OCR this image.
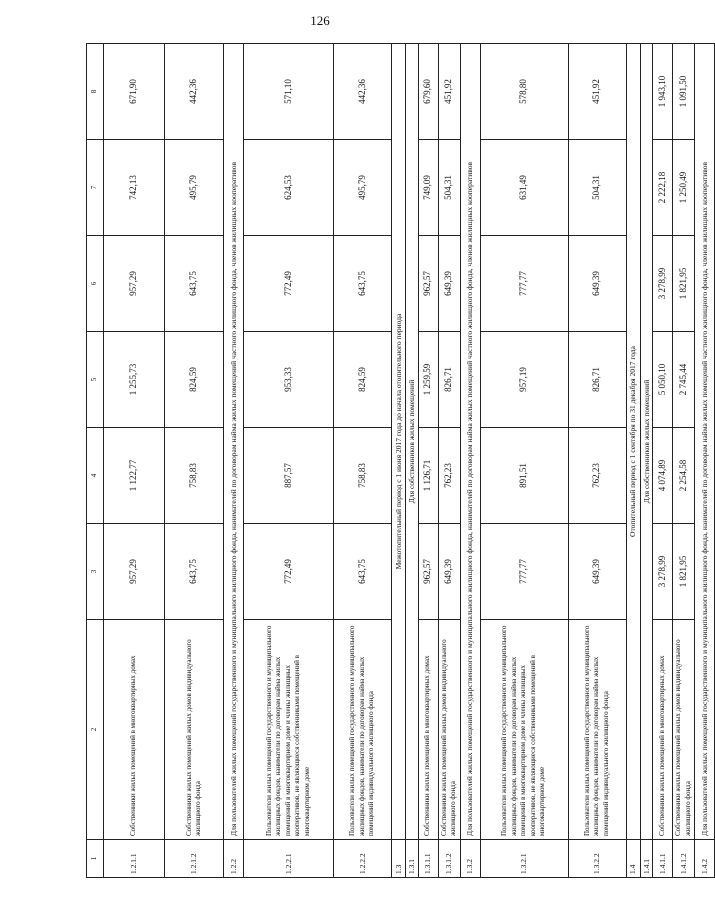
126
1	2	3	4	5	6	7	8
1.2.1.1	Собственники жилых помещений в многоквартирных домах	957,29	1 122,77	1 255,73	957,29	742,13	671,90
1.2.1.2	Собственники жилых помещений жилых домов индивидуального жилищного фонда	643,75	758,83	824,59	643,75	495,79	442,36
1.2.2	Для пользователей жилых помещений государственного и муниципального жилищного фонда, нанимателей по договорам найма жилых помещений частного жилищного фонда, членов жилищных кооперативов						
1.2.2.1	Пользователи жилых помещений государственного и муниципального жилищных фондов, наниматели по договорам найма жилых помещений в многоквартирном доме и члены жилищных кооперативов, не являющиеся собственниками помещений в многоквартирном доме	772,49	887,57	953,33	772,49	624,53	571,10
1.2.2.2	Пользователи жилых помещений государственного и муниципального жилищных фондов, наниматели по договорам найма жилых помещений индивидуального жилищного фонда	643,75	758,83	824,59	643,75	495,79	442,36
1.3	Межотопительный период с 1 июня 2017 года до начала отопительного периода						
1.3.1	Для собственников жилых помещений						
1.3.1.1	Собственники жилых помещений в многоквартирных домах	962,57	1 126,71	1 259,59	962,57	749,09	679,60
1.3.1.2	Собственники жилых помещений жилых домов индивидуального жилищного фонда	649,39	762,23	826,71	649,39	504,31	451,92
1.3.2	Для пользователей жилых помещений государственного и муниципального жилищного фонда, нанимателей по договорам найма жилых помещений частного жилищного фонда, членов жилищных кооперативов						
1.3.2.1	Пользователи жилых помещений государственного и муниципального жилищных фондов, наниматели по договорам найма жилых помещений в многоквартирном доме и члены жилищных кооперативов, не являющиеся собственниками помещений в многоквартирном доме	777,77	891,51	957,19	777,77	631,49	578,80
1.3.2.2	Пользователи жилых помещений государственного и муниципального жилищных фондов, наниматели по договорам найма жилых помещений индивидуального жилищного фонда	649,39	762,23	826,71	649,39	504,31	451,92
1.4	Отопительный период с 1 сентября по 31 декабря 2017 года						
1.4.1	Для собственников жилых помещений						
1.4.1.1	Собственники жилых помещений в многоквартирных домах	3 278,99	4 074,89	5 050,10	3 278,99	2 222,18	1 943,10
1.4.1.2	Собственники жилых помещений жилых домов индивидуального жилищного фонда	1 821,95	2 254,58	2 745,44	1 821,95	1 250,49	1 091,50
1.4.2	Для пользователей жилых помещений государственного и муниципального жилищного фонда, нанимателей по договорам найма жилых помещений частного жилищного фонда, членов жилищных кооперативов						
